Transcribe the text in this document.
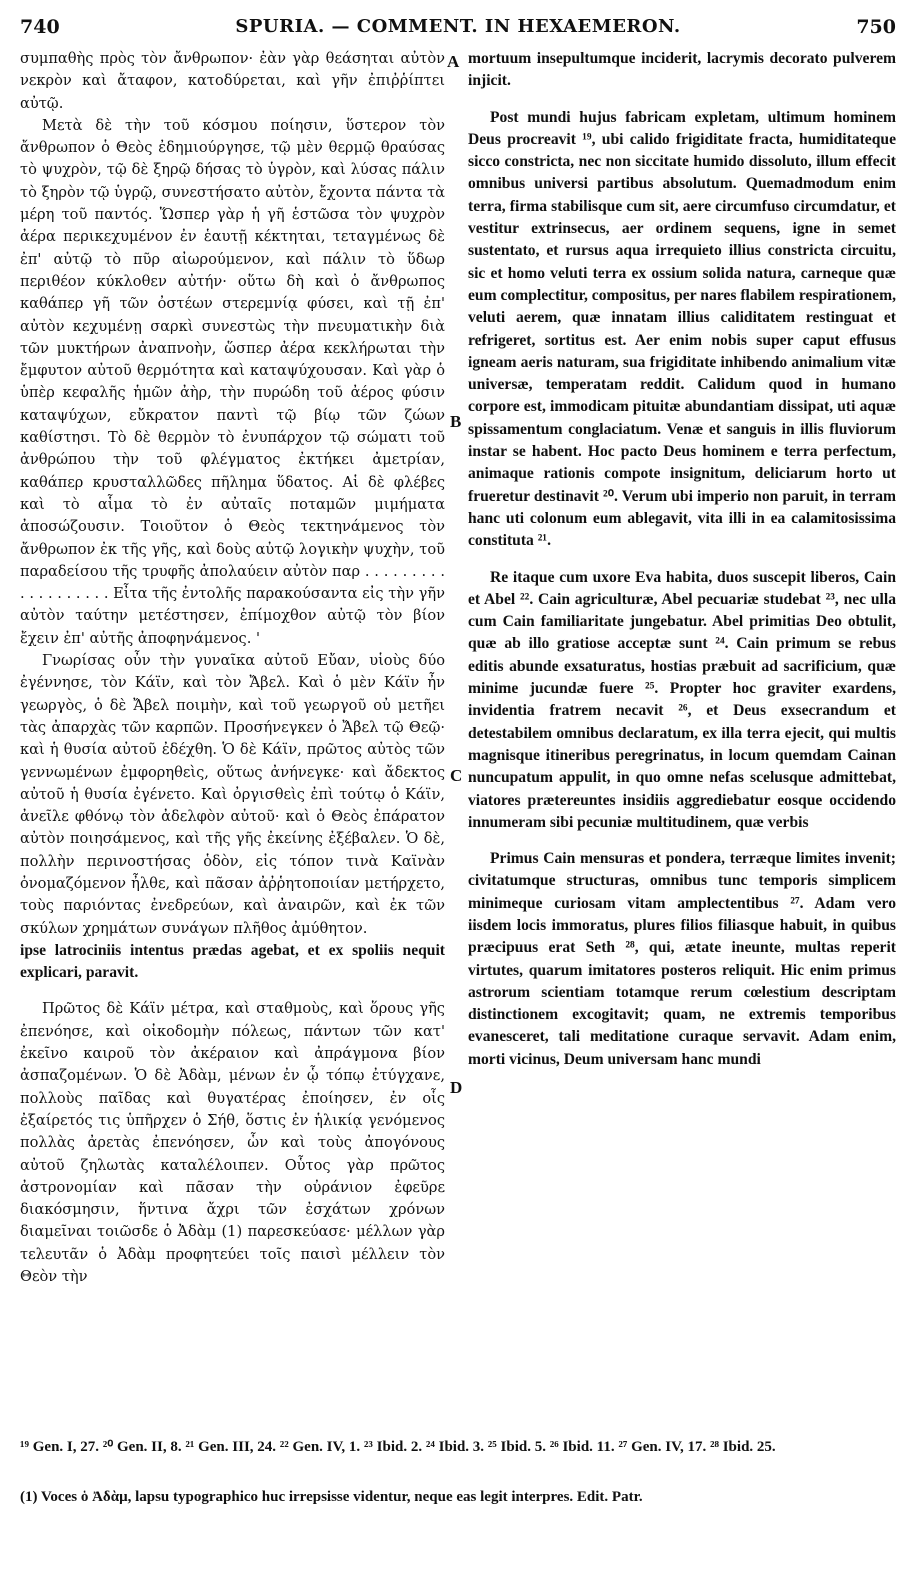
740	SPURIA. — COMMENT. IN HEXAEMERON.	750

συμπαθὴς πρὸς τὸν ἄνθρωπον· ἐὰν γὰρ θεάσηται αὐτὸν νεκρὸν καὶ ἄταφον, κατοδύρεται, καὶ γῆν ἐπιῤῥίπτει αὐτῷ.

Μετὰ δὲ τὴν τοῦ κόσμου ποίησιν, ὕστερον τὸν ἄνθρωπον ὁ Θεὸς ἐδημιούργησε, τῷ μὲν θερμῷ θραύσας τὸ ψυχρὸν, τῷ δὲ ξηρῷ δήσας τὸ ὑγρὸν, καὶ λύσας πάλιν τὸ ξηρὸν τῷ ὑγρῷ, συνεστήσατο αὐτὸν, ἔχοντα πάντα τὰ μέρη τοῦ παντός. Ὥσπερ γὰρ ἡ γῆ ἑστῶσα τὸν ψυχρὸν ἀέρα περικεχυμένον ἐν ἑαυτῇ κέκτηται, τεταγμένως δὲ ἐπ' αὐτῷ τὸ πῦρ αἰωρούμενον, καὶ πάλιν τὸ ὕδωρ περιθέον κύκλοθεν αὐτήν· οὕτω δὴ καὶ ὁ ἄνθρωπος καθάπερ γῆ τῶν ὀστέων στερεμνίᾳ φύσει, καὶ τῇ ἐπ' αὐτὸν κεχυμένῃ σαρκὶ συνεστὼς τὴν πνευματικὴν διὰ τῶν μυκτήρων ἀναπνοὴν, ὥσπερ ἀέρα κεκλήρωται τὴν ἔμφυτον αὐτοῦ θερμότητα καὶ καταψύχουσαν. Καὶ γὰρ ὁ ὑπὲρ κεφαλῆς ἡμῶν ἀὴρ, τὴν πυρώδη τοῦ ἀέρος φύσιν καταψύχων, εὔκρατον παντὶ τῷ βίῳ τῶν ζώων καθίστησι. Τὸ δὲ θερμὸν τὸ ἐνυπάρχον τῷ σώματι τοῦ ἀνθρώπου τὴν τοῦ φλέγματος ἐκτήκει ἀμετρίαν, καθάπερ κρυσταλλῶδες πῆλημα ὕδατος. Αἱ δὲ φλέβες καὶ τὸ αἷμα τὸ ἐν αὐταῖς ποταμῶν μιμήματα ἀποσώζουσιν. Τοιοῦτον ὁ Θεὸς τεκτηνάμενος τὸν ἄνθρωπον ἐκ τῆς γῆς, καὶ δοὺς αὐτῷ λογικὴν ψυχὴν, τοῦ παραδείσου τῆς τρυφῆς ἀπολαύειν αὐτὸν παρ . . . . . . . . . . . . . . . . . . . Εἶτα τῆς ἐντολῆς παρακούσαντα εἰς τὴν γῆν αὐτὸν ταύτην μετέστησεν, ἐπίμοχθον αὐτῷ τὸν βίον ἔχειν ἐπ' αὐτῆς ἀποφηνάμενος. '

Γνωρίσας οὖν τὴν γυναῖκα αὐτοῦ Εὔαν, υἱοὺς δύο ἐγέννησε, τὸν Κάϊν, καὶ τὸν Ἄβελ. Καὶ ὁ μὲν Κάϊν ἦν γεωργὸς, ὁ δὲ Ἄβελ ποιμὴν, καὶ τοῦ γεωργοῦ οὐ μετῆει τὰς ἀπαρχὰς τῶν καρπῶν. Προσήνεγκεν ὁ Ἄβελ τῷ Θεῷ· καὶ ἡ θυσία αὐτοῦ ἐδέχθη. Ὁ δὲ Κάϊν, πρῶτος αὐτὸς τῶν γεννωμένων ἐμφορηθεὶς, οὕτως ἀνήνεγκε· καὶ ἄδεκτος αὐτοῦ ἡ θυσία ἐγένετο. Καὶ ὀργισθεὶς ἐπὶ τούτῳ ὁ Κάϊν, ἀνεῖλε φθόνῳ τὸν ἀδελφὸν αὐτοῦ· καὶ ὁ Θεὸς ἐπάρατον αὐτὸν ποιησάμενος, καὶ τῆς γῆς ἐκείνης ἐξέβαλεν. Ὁ δὲ, πολλὴν περινοστήσας ὁδὸν, εἰς τόπον τινὰ Καϊνὰν ὀνομαζόμενον ἦλθε, καὶ πᾶσαν ἀῤῥητοποιίαν μετήρχετο, τοὺς παριόντας ἐνεδρεύων, καὶ ἀναιρῶν, καὶ ἐκ τῶν σκύλων χρημάτων συνάγων πλῆθος ἀμύθητον.

ipse latrociniis intentus prædas agebat, et ex spoliis nequit explicari, paravit.

Πρῶτος δὲ Κάϊν μέτρα, καὶ σταθμοὺς, καὶ ὅρους γῆς ἐπενόησε, καὶ οἰκοδομὴν πόλεως, πάντων τῶν κατ' ἐκεῖνο καιροῦ τὸν ἀκέραιον καὶ ἀπράγμονα βίον ἀσπαζομένων. Ὁ δὲ Ἀδὰμ, μένων ἐν ᾧ τόπῳ ἐτύγχανε, πολλοὺς παῖδας καὶ θυγατέρας ἐποίησεν, ἐν οἷς ἐξαίρετός τις ὑπῆρχεν ὁ Σήθ, ὅστις ἐν ἡλικίᾳ γενόμενος πολλὰς ἀρετὰς ἐπενόησεν, ὧν καὶ τοὺς ἀπογόνους αὐτοῦ ζηλωτὰς καταλέλοιπεν. Οὗτος γὰρ πρῶτος ἀστρονομίαν καὶ πᾶσαν τὴν οὐράνιον ἐφεῦρε διακόσμησιν, ἥντινα ἄχρι τῶν ἐσχάτων χρόνων διαμεῖναι τοιῶσδε ὁ Ἀδὰμ (1) παρεσκεύασε· μέλλων γὰρ τελευτᾶν ὁ Ἀδὰμ προφητεύει τοῖς παισὶ μέλλειν τὸν Θεὸν τὴν

A
B
C
D

mortuum insepultumque inciderit, lacrymis decorato pulverem injicit.

Post mundi hujus fabricam expletam, ultimum hominem Deus procreavit ¹⁹, ubi calido frigiditate fracta, humiditateque sicco constricta, nec non siccitate humido dissoluto, illum effecit omnibus universi partibus absolutum. Quemadmodum enim terra, firma stabilisque cum sit, aere circumfuso circumdatur, et vestitur extrinsecus, aer ordinem sequens, igne in semet sustentato, et rursus aqua irrequieto illius constricta circuitu, sic et homo veluti terra ex ossium solida natura, carneque quæ eum complectitur, compositus, per nares flabilem respirationem, veluti aerem, quæ innatam illius caliditatem restinguat et refrigeret, sortitus est. Aer enim nobis super caput effusus igneam aeris naturam, sua frigiditate inhibendo animalium vitæ universæ, temperatam reddit. Calidum quod in humano corpore est, immodicam pituitæ abundantiam dissipat, uti aquæ spissamentum conglaciatum. Venæ et sanguis in illis fluviorum instar se habent. Hoc pacto Deus hominem e terra perfectum, animaque rationis compote insignitum, deliciarum horto ut frueretur destinavit ²⁰. Verum ubi imperio non paruit, in terram hanc uti colonum eum ablegavit, vita illi in ea calamitosissima constituta ²¹.

Re itaque cum uxore Eva habita, duos suscepit liberos, Cain et Abel ²². Cain agriculturæ, Abel pecuariæ studebat ²³, nec ulla cum Cain familiaritate jungebatur. Abel primitias Deo obtulit, quæ ab illo gratiose acceptæ sunt ²⁴. Cain primum se rebus editis abunde exsaturatus, hostias præbuit ad sacrificium, quæ minime jucundæ fuere ²⁵. Propter hoc graviter exardens, invidentia fratrem necavit ²⁶, et Deus exsecrandum et detestabilem omnibus declaratum, ex illa terra ejecit, qui multis magnisque itineribus peregrinatus, in locum quemdam Cainan nuncupatum appulit, in quo omne nefas scelusque admittebat, viatores prætereuntes insidiis aggrediebatur eosque occidendo innumeram sibi pecuniæ multitudinem, quæ verbis

Primus Cain mensuras et pondera, terræque limites invenit; civitatumque structuras, omnibus tunc temporis simplicem minimeque curiosam vitam amplectentibus ²⁷. Adam vero iisdem locis immoratus, plures filios filiasque habuit, in quibus præcipuus erat Seth ²⁸, qui, ætate ineunte, multas reperit virtutes, quarum imitatores posteros reliquit. Hic enim primus astrorum scientiam totamque rerum cœlestium descriptam distinctionem excogitavit; quam, ne extremis temporibus evanesceret, tali meditatione curaque servavit. Adam enim, morti vicinus, Deum universam hanc mundi

¹⁹ Gen. I, 27. ²⁰ Gen. II, 8. ²¹ Gen. III, 24. ²² Gen. IV, 1. ²³ Ibid. 2. ²⁴ Ibid. 3. ²⁵ Ibid. 5. ²⁶ Ibid. 11. ²⁷ Gen. IV, 17. ²⁸ Ibid. 25.
(1) Voces ὁ Ἀδὰμ, lapsu typographico huc irrepsisse videntur, neque eas legit interpres. Edit. Patr.
